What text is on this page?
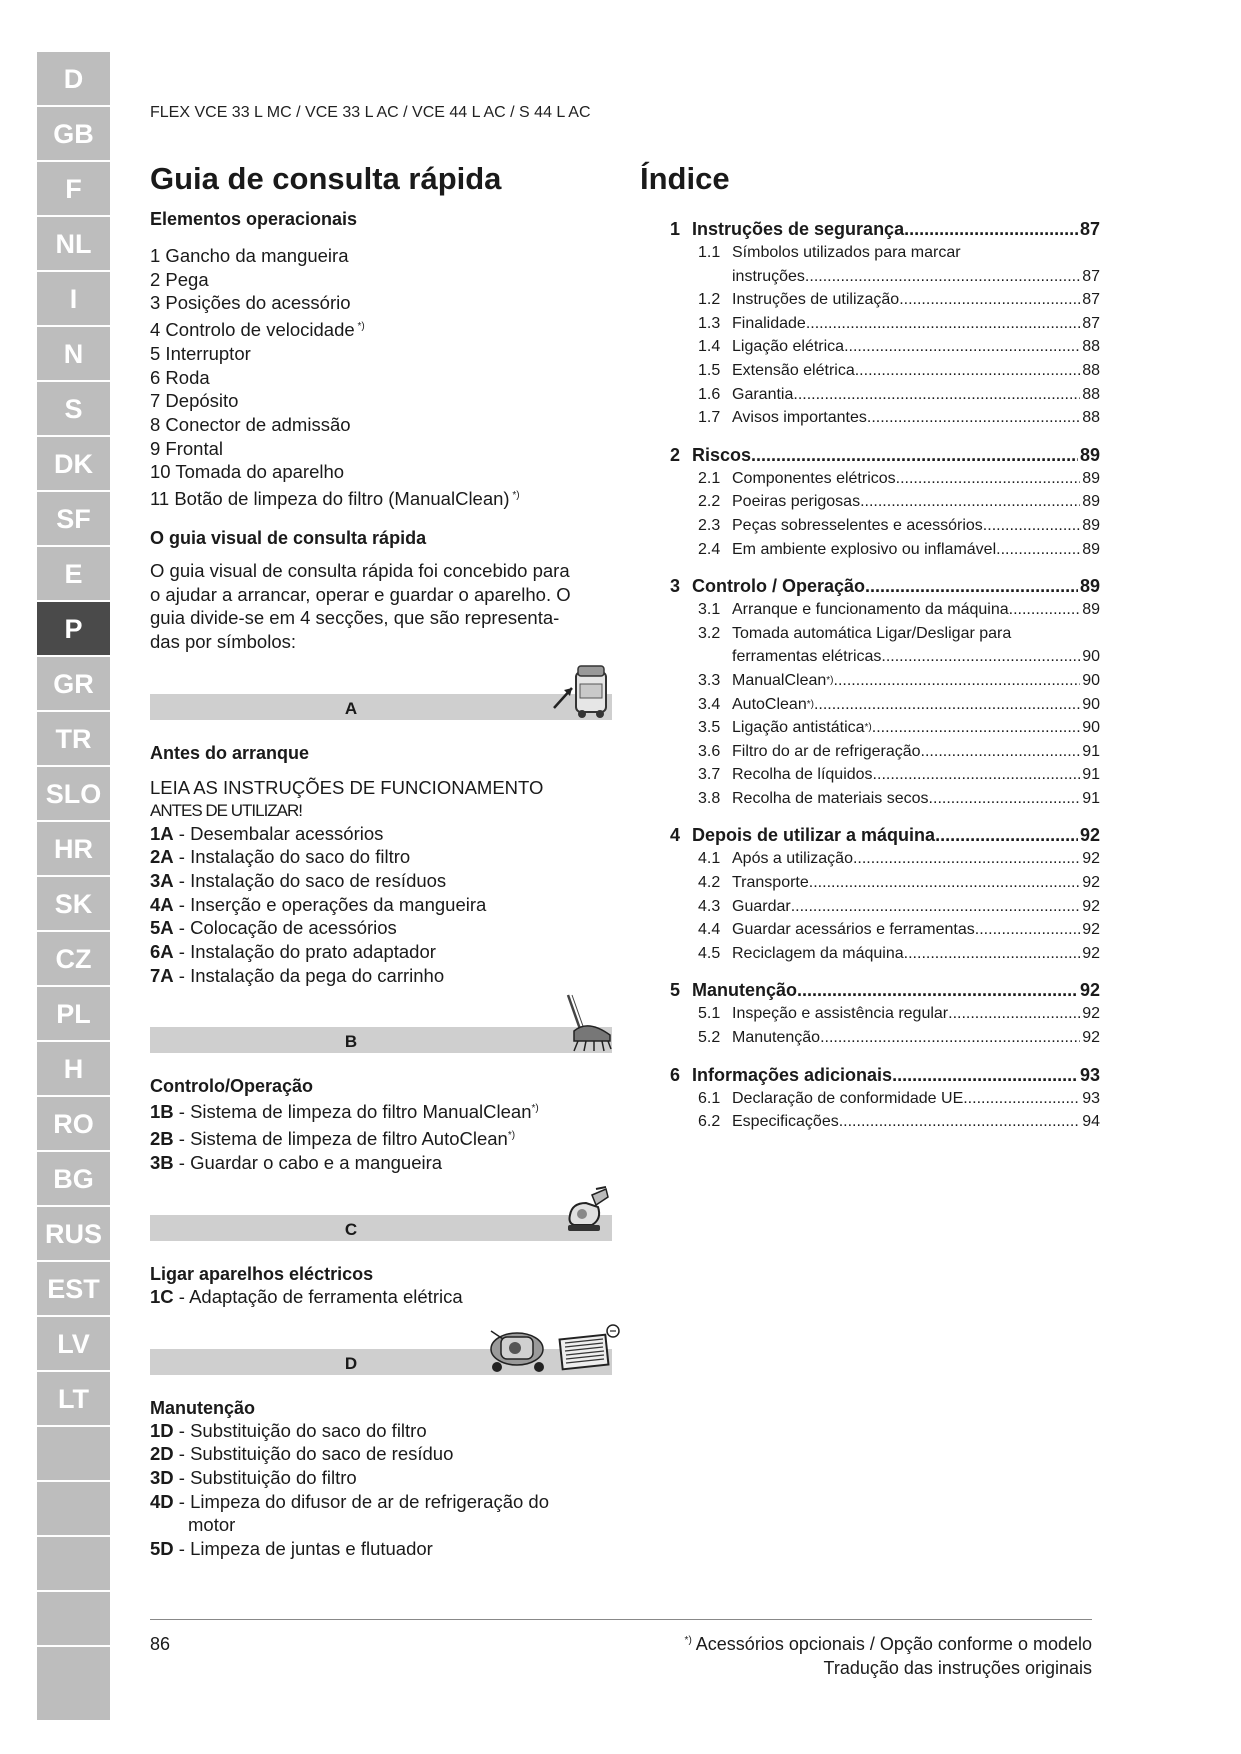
D
GB
F
NL
I
N
S
DK
SF
E
P
GR
TR
SLO
HR
SK
CZ
PL
H
RO
BG
RUS
EST
LV
LT
FLEX VCE 33 L MC / VCE 33 L AC / VCE 44 L AC / S 44 L AC
Guia de consulta rápida
Elementos operacionais
1 Gancho da mangueira
2 Pega
3 Posições do acessório
4 Controlo de velocidade *)
5 Interruptor
6 Roda
7 Depósito
8 Conector de admissão
9 Frontal
10 Tomada do aparelho
11 Botão de limpeza do filtro (ManualClean) *)
O guia visual de consulta rápida
O guia visual de consulta rápida foi concebido para
o ajudar a arrancar, operar e guardar o aparelho. O
guia divide-se em 4 secções, que são representa-
das por símbolos:
A
Antes do arranque
LEIA AS INSTRUÇÕES DE FUNCIONAMENTO
ANTES DE UTILIZAR!
1A - Desembalar acessórios
2A - Instalação do saco do filtro
3A - Instalação do saco de resíduos
4A - Inserção e operações da mangueira
5A - Colocação de acessórios
6A - Instalação do prato adaptador
7A - Instalação da pega do carrinho
B
Controlo/Operação
1B - Sistema de limpeza do filtro ManualClean*)
2B - Sistema de limpeza de filtro AutoClean*)
3B - Guardar o cabo e a mangueira
C
Ligar aparelhos eléctricos
1C - Adaptação de ferramenta elétrica
D
Manutenção
1D - Substituição do saco do filtro
2D - Substituição do saco de resíduo
3D - Substituição do filtro
4D - Limpeza do difusor de ar de refrigeração do
motor
5D - Limpeza de juntas e flutuador
Índice
1 Instruções de segurança .....	87
1.1 Símbolos utilizados para marcar
instruções .....	87
1.2 Instruções de utilização .....	87
1.3 Finalidade .....	87
1.4 Ligação elétrica .....	88
1.5 Extensão elétrica .....	88
1.6 Garantia .....	88
1.7 Avisos importantes .....	88
2 Riscos .....	89
2.1 Componentes elétricos .....	89
2.2 Poeiras perigosas .....	89
2.3 Peças sobresselentes e acessórios .....	89
2.4 Em ambiente explosivo ou inflamável .....	89
3 Controlo / Operação .....	89
3.1 Arranque e funcionamento da máquina .....	89
3.2 Tomada automática Ligar/Desligar para
ferramentas elétricas .....	90
3.3 ManualClean *) .....	90
3.4 AutoClean *) .....	90
3.5 Ligação antistática *) .....	90
3.6 Filtro do ar de refrigeração .....	91
3.7 Recolha de líquidos .....	91
3.8 Recolha de materiais secos .....	91
4 Depois de utilizar a máquina .....	92
4.1 Após a utilização .....	92
4.2 Transporte .....	92
4.3 Guardar .....	92
4.4 Guardar acessários e ferramentas .....	92
4.5 Reciclagem da máquina .....	92
5 Manutenção .....	92
5.1 Inspeção e assistência regular .....	92
5.2 Manutenção .....	92
6 Informações adicionais .....	93
6.1 Declaração de conformidade UE .....	93
6.2 Especificações .....	94
86	*) Acessórios opcionais / Opção conforme o modelo
Tradução das instruções originais
